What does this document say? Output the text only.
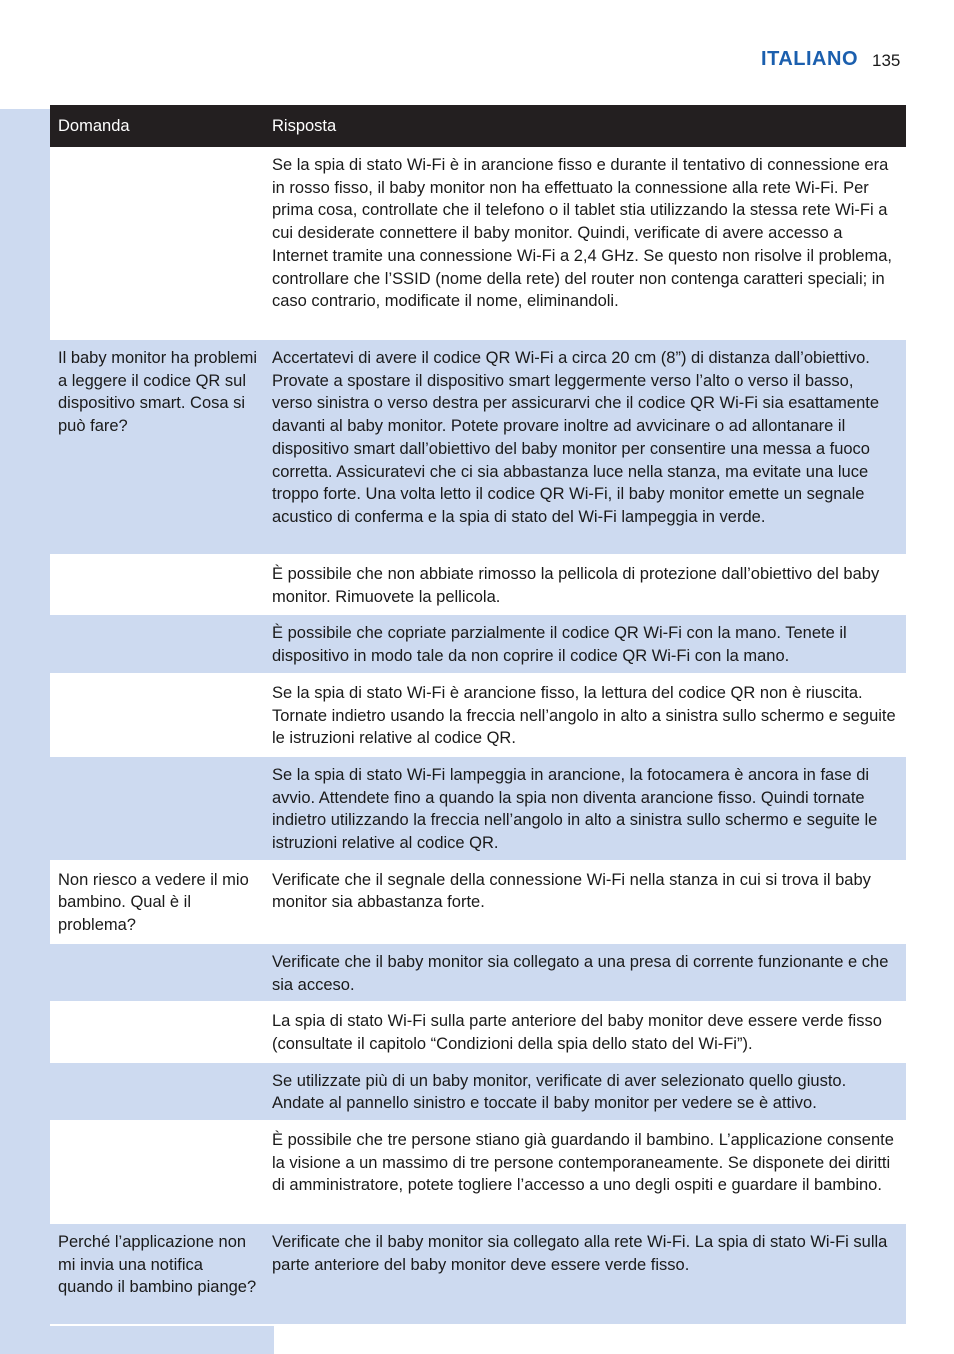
ITALIANO 135
Domanda	Risposta
	Se la spia di stato Wi-Fi è in arancione fisso e durante il tentativo di connessione era in rosso fisso, il baby monitor non ha effettuato la connessione alla rete Wi-Fi. Per prima cosa, controllate che il telefono o il tablet stia utilizzando la stessa rete Wi-Fi a cui desiderate connettere il baby monitor. Quindi, verificate di avere accesso a Internet tramite una connessione Wi-Fi a 2,4 GHz. Se questo non risolve il problema, controllare che l’SSID (nome della rete) del router non contenga caratteri speciali; in caso contrario, modificate il nome, eliminandoli.
Il baby monitor ha problemi a leggere il codice QR sul dispositivo smart. Cosa si può fare?	Accertatevi di avere il codice QR Wi-Fi a circa 20 cm (8”) di distanza dall’obiettivo. Provate a spostare il dispositivo smart leggermente verso l’alto o verso il basso, verso sinistra o verso destra per assicurarvi che il codice QR Wi-Fi sia esattamente davanti al baby monitor. Potete provare inoltre ad avvicinare o ad allontanare il dispositivo smart dall’obiettivo del baby monitor per consentire una messa a fuoco corretta. Assicuratevi che ci sia abbastanza luce nella stanza, ma evitate una luce troppo forte. Una volta letto il codice QR Wi-Fi, il baby monitor emette un segnale acustico di conferma e la spia di stato del Wi-Fi lampeggia in verde.
	È possibile che non abbiate rimosso la pellicola di protezione dall’obiettivo del baby monitor. Rimuovete la pellicola.
	È possibile che copriate parzialmente il codice QR Wi-Fi con la mano. Tenete il dispositivo in modo tale da non coprire il codice QR Wi-Fi con la mano.
	Se la spia di stato Wi-Fi è arancione fisso, la lettura del codice QR non è riuscita. Tornate indietro usando la freccia nell’angolo in alto a sinistra sullo schermo e seguite le istruzioni relative al codice QR.
	Se la spia di stato Wi-Fi lampeggia in arancione, la fotocamera è ancora in fase di avvio. Attendete fino a quando la spia non diventa arancione fisso. Quindi tornate indietro utilizzando la freccia nell’angolo in alto a sinistra sullo schermo e seguite le istruzioni relative al codice QR.
Non riesco a vedere il mio bambino. Qual è il problema?	Verificate che il segnale della connessione Wi-Fi nella stanza in cui si trova il baby monitor sia abbastanza forte.
	Verificate che il baby monitor sia collegato a una presa di corrente funzionante e che sia acceso.
	La spia di stato Wi-Fi sulla parte anteriore del baby monitor deve essere verde fisso (consultate il capitolo “Condizioni della spia dello stato del Wi-Fi”).
	Se utilizzate più di un baby monitor, verificate di aver selezionato quello giusto. Andate al pannello sinistro e toccate il baby monitor per vedere se è attivo.
	È possibile che tre persone stiano già guardando il bambino. L’applicazione consente la visione a un massimo di tre persone contemporaneamente. Se disponete dei diritti di amministratore, potete togliere l’accesso a uno degli ospiti e guardare il bambino.
Perché l’applicazione non mi invia una notifica quando il bambino piange?	Verificate che il baby monitor sia collegato alla rete Wi-Fi. La spia di stato Wi-Fi sulla parte anteriore del baby monitor deve essere verde fisso.
